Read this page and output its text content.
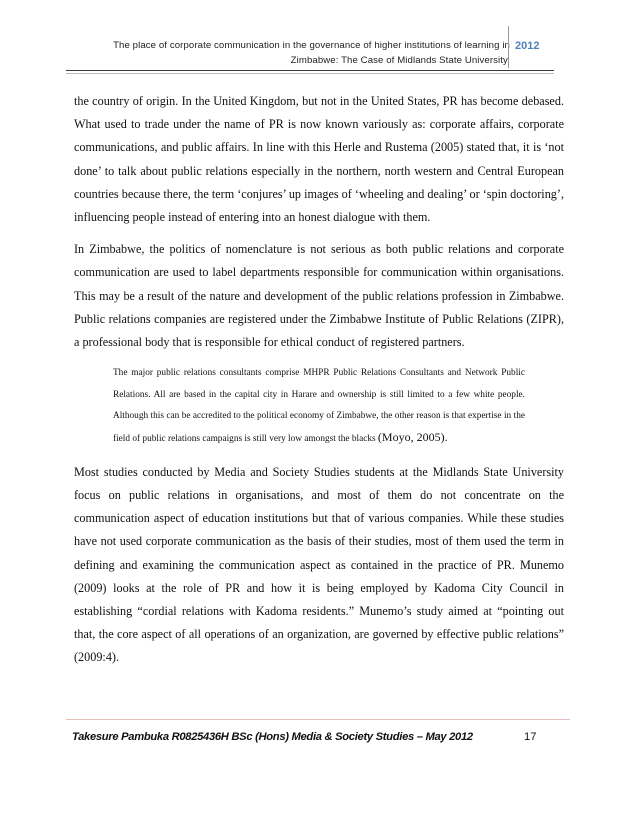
The place of corporate communication in the governance of higher institutions of learning in
Zimbabwe: The Case of Midlands State University.
2012

the country of origin. In the United Kingdom, but not in the United States, PR has become debased. What used to trade under the name of PR is now known variously as: corporate affairs, corporate communications, and public affairs. In line with this Herle and Rustema (2005) stated that, it is ‘not done’ to talk about public relations especially in the northern, north western and Central European countries because there, the term ‘conjures’ up images of ‘wheeling and dealing’ or ‘spin doctoring’, influencing people instead of entering into an honest dialogue with them.

In Zimbabwe, the politics of nomenclature is not serious as both public relations and corporate communication are used to label departments responsible for communication within organisations. This may be a result of the nature and development of the public relations profession in Zimbabwe. Public relations companies are registered under the Zimbabwe Institute of Public Relations (ZIPR), a professional body that is responsible for ethical conduct of registered partners.

The major public relations consultants comprise MHPR Public Relations Consultants and Network Public Relations. All are based in the capital city in Harare and ownership is still limited to a few white people. Although this can be accredited to the political economy of Zimbabwe, the other reason is that expertise in the field of public relations campaigns is still very low amongst the blacks (Moyo, 2005).

Most studies conducted by Media and Society Studies students at the Midlands State University focus on public relations in organisations, and most of them do not concentrate on the communication aspect of education institutions but that of various companies. While these studies have not used corporate communication as the basis of their studies, most of them used the term in defining and examining the communication aspect as contained in the practice of PR. Munemo (2009) looks at the role of PR and how it is being employed by Kadoma City Council in establishing “cordial relations with Kadoma residents.” Munemo’s study aimed at “pointing out that, the core aspect of all operations of an organization, are governed by effective public relations” (2009:4).

Takesure Pambuka R0825436H BSc (Hons) Media & Society Studies – May 2012	17
